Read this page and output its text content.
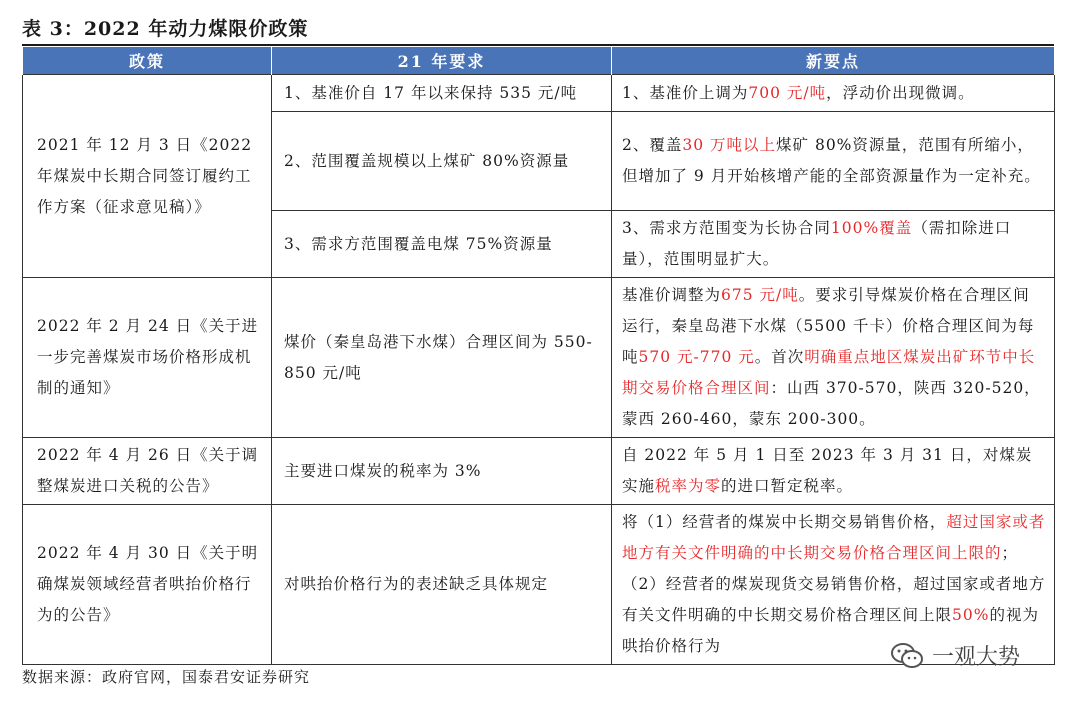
表 3：2022 年动力煤限价政策
政策	21 年要求	新要点
2021 年 12 月 3 日《2022 年煤炭中长期合同签订履约工作方案（征求意见稿）》	1、基准价自 17 年以来保持 535 元/吨	1、基准价上调为700 元/吨，浮动价出现微调。
	2、范围覆盖规模以上煤矿 80%资源量	2、覆盖30 万吨以上煤矿 80%资源量，范围有所缩小，但增加了 9 月开始核增产能的全部资源量作为一定补充。
	3、需求方范围覆盖电煤 75%资源量	3、需求方范围变为长协合同100%覆盖（需扣除进口量），范围明显扩大。
2022 年 2 月 24 日《关于进一步完善煤炭市场价格形成机制的通知》	煤价（秦皇岛港下水煤）合理区间为 550-850 元/吨	基准价调整为675 元/吨。要求引导煤炭价格在合理区间运行，秦皇岛港下水煤（5500 千卡）价格合理区间为每吨570 元-770 元。首次明确重点地区煤炭出矿环节中长期交易价格合理区间：山西 370-570，陕西 320-520，蒙西 260-460，蒙东 200-300。
2022 年 4 月 26 日《关于调整煤炭进口关税的公告》	主要进口煤炭的税率为 3%	自 2022 年 5 月 1 日至 2023 年 3 月 31 日，对煤炭实施税率为零的进口暂定税率。
2022 年 4 月 30 日《关于明确煤炭领域经营者哄抬价格行为的公告》	对哄抬价格行为的表述缺乏具体规定	将（1）经营者的煤炭中长期交易销售价格，超过国家或者地方有关文件明确的中长期交易价格合理区间上限的；（2）经营者的煤炭现货交易销售价格，超过国家或者地方有关文件明确的中长期交易价格合理区间上限50%的视为哄抬价格行为
数据来源：政府官网，国泰君安证券研究
一观大势
